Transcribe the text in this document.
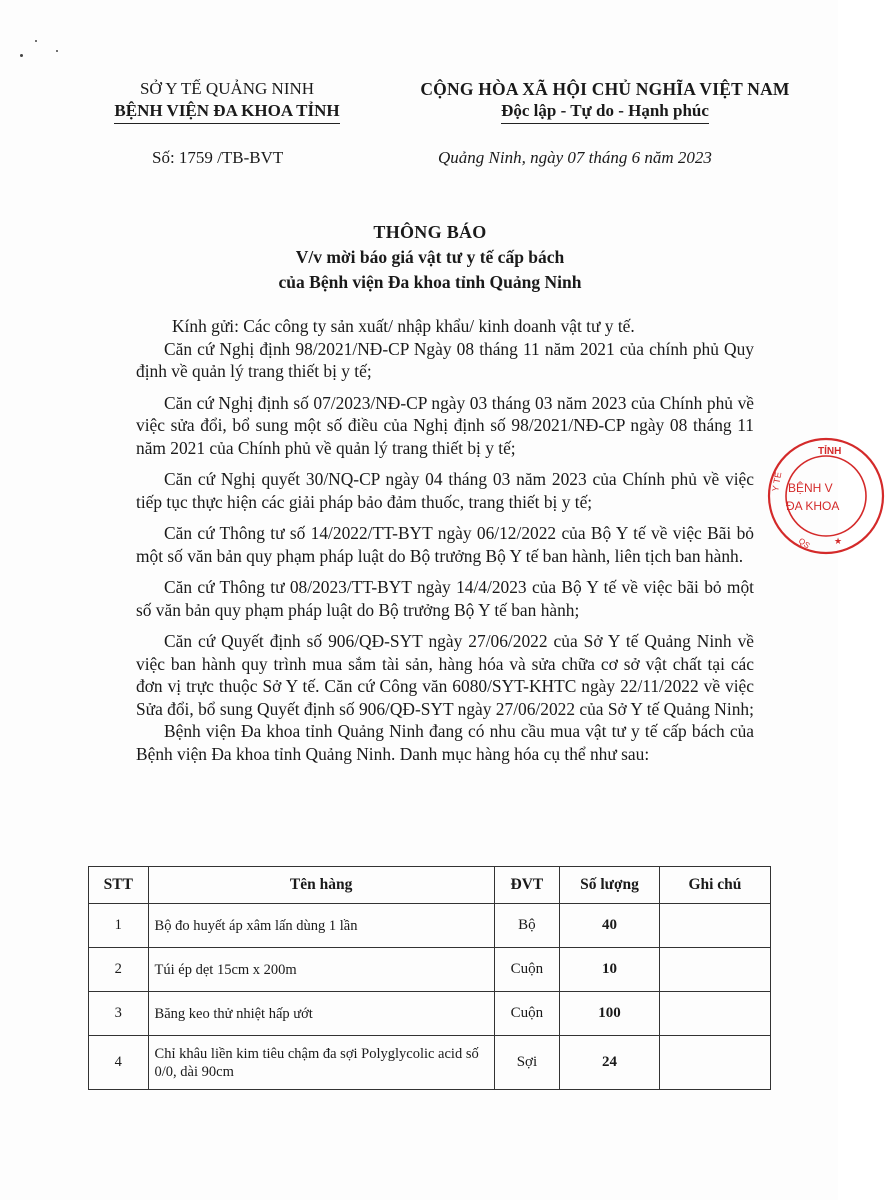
SỞ Y TẾ QUẢNG NINH
BỆNH VIỆN ĐA KHOA TỈNH
CỘNG HÒA XÃ HỘI CHỦ NGHĨA VIỆT NAM
Độc lập - Tự do - Hạnh phúc
Số: 1759 /TB-BVT	Quảng Ninh, ngày 07 tháng 6 năm 2023
THÔNG BÁO
V/v mời báo giá vật tư y tế cấp bách
của Bệnh viện Đa khoa tỉnh Quảng Ninh

Kính gửi: Các công ty sản xuất/ nhập khẩu/ kinh doanh vật tư y tế.

Căn cứ Nghị định 98/2021/NĐ-CP Ngày 08 tháng 11 năm 2021 của chính phủ Quy định về quản lý trang thiết bị y tế;

Căn cứ Nghị định số 07/2023/NĐ-CP ngày 03 tháng 03 năm 2023 của Chính phủ về việc sửa đổi, bổ sung một số điều của Nghị định số 98/2021/NĐ-CP ngày 08 tháng 11 năm 2021 của Chính phủ về quản lý trang thiết bị y tế;

Căn cứ Nghị quyết 30/NQ-CP ngày 04 tháng 03 năm 2023 của Chính phủ về việc tiếp tục thực hiện các giải pháp bảo đảm thuốc, trang thiết bị y tế;

Căn cứ Thông tư số 14/2022/TT-BYT ngày 06/12/2022 của Bộ Y tế về việc Bãi bỏ một số văn bản quy phạm pháp luật do Bộ trưởng Bộ Y tế ban hành, liên tịch ban hành.

Căn cứ Thông tư 08/2023/TT-BYT ngày 14/4/2023 của Bộ Y tế về việc bãi bỏ một số văn bản quy phạm pháp luật do Bộ trưởng Bộ Y tế ban hành;

Căn cứ Quyết định số 906/QĐ-SYT ngày 27/06/2022 của Sở Y tế Quảng Ninh về việc ban hành quy trình mua sắm tài sản, hàng hóa và sửa chữa cơ sở vật chất tại các đơn vị trực thuộc Sở Y tế. Căn cứ Công văn 6080/SYT-KHTC ngày 22/11/2022 về việc Sửa đổi, bổ sung Quyết định số 906/QĐ-SYT ngày 27/06/2022 của Sở Y tế Quảng Ninh;

Bệnh viện Đa khoa tỉnh Quảng Ninh đang có nhu cầu mua vật tư y tế cấp bách của Bệnh viện Đa khoa tỉnh Quảng Ninh. Danh mục hàng hóa cụ thể như sau:

TỈNH
Y TẾ BỆNH V
ĐA KHOA
QS	★
STT	Tên hàng	ĐVT	Số lượng	Ghi chú
1	Bộ đo huyết áp xâm lấn dùng 1 lần	Bộ	40	
2	Túi ép dẹt 15cm x 200m	Cuộn	10	
3	Băng keo thử nhiệt hấp ướt	Cuộn	100	
4	Chỉ khâu liền kim tiêu chậm đa sợi Polyglycolic acid số 0/0, dài 90cm	Sợi	24	
